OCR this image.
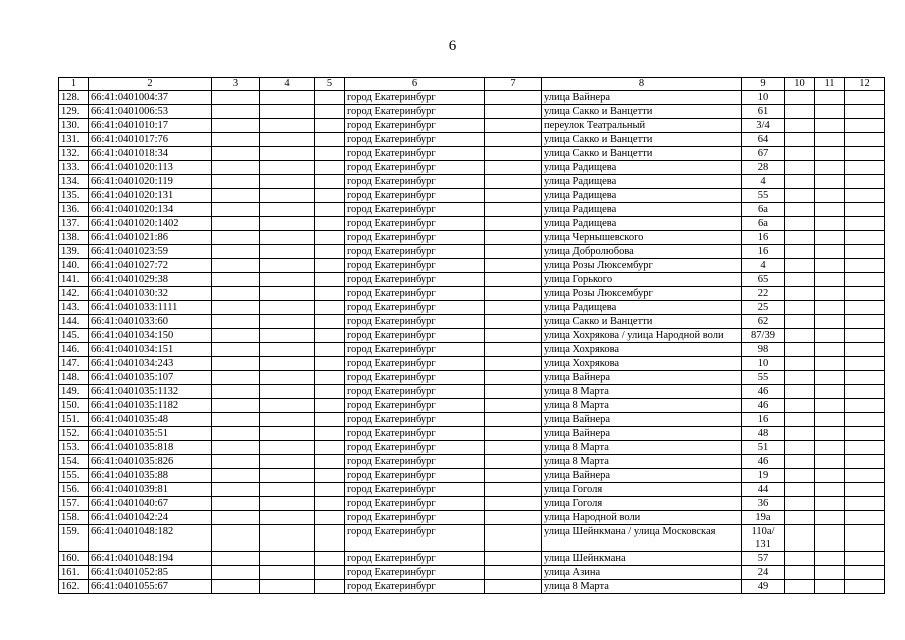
6
1	2	3	4	5	6	7	8	9	10	11	12
128.	66:41:0401004:37				город Екатеринбург		улица Вайнера	10			
129.	66:41:0401006:53				город Екатеринбург		улица Сакко и Ванцетти	61			
130.	66:41:0401010:17				город Екатеринбург		переулок Театральный	3/4			
131.	66:41:0401017:76				город Екатеринбург		улица Сакко и Ванцетти	64			
132.	66:41:0401018:34				город Екатеринбург		улица Сакко и Ванцетти	67			
133.	66:41:0401020:113				город Екатеринбург		улица Радищева	28			
134.	66:41:0401020:119				город Екатеринбург		улица Радищева	4			
135.	66:41:0401020:131				город Екатеринбург		улица Радищева	55			
136.	66:41:0401020:134				город Екатеринбург		улица Радищева	6а			
137.	66:41:0401020:1402				город Екатеринбург		улица Радищева	6а			
138.	66:41:0401021:86				город Екатеринбург		улица Чернышевского	16			
139.	66:41:0401023:59				город Екатеринбург		улица Добролюбова	16			
140.	66:41:0401027:72				город Екатеринбург		улица Розы Люксембург	4			
141.	66:41:0401029:38				город Екатеринбург		улица Горького	65			
142.	66:41:0401030:32				город Екатеринбург		улица Розы Люксембург	22			
143.	66:41:0401033:1111				город Екатеринбург		улица Радищева	25			
144.	66:41:0401033:60				город Екатеринбург		улица Сакко и Ванцетти	62			
145.	66:41:0401034:150				город Екатеринбург		улица Хохрякова / улица Народной воли	87/39			
146.	66:41:0401034:151				город Екатеринбург		улица Хохрякова	98			
147.	66:41:0401034:243				город Екатеринбург		улица Хохрякова	10			
148.	66:41:0401035:107				город Екатеринбург		улица Вайнера	55			
149.	66:41:0401035:1132				город Екатеринбург		улица 8 Марта	46			
150.	66:41:0401035:1182				город Екатеринбург		улица 8 Марта	46			
151.	66:41:0401035:48				город Екатеринбург		улица Вайнера	16			
152.	66:41:0401035:51				город Екатеринбург		улица Вайнера	48			
153.	66:41:0401035:818				город Екатеринбург		улица 8 Марта	51			
154.	66:41:0401035:826				город Екатеринбург		улица 8 Марта	46			
155.	66:41:0401035:88				город Екатеринбург		улица Вайнера	19			
156.	66:41:0401039:81				город Екатеринбург		улица Гоголя	44			
157.	66:41:0401040:67				город Екатеринбург		улица Гоголя	36			
158.	66:41:0401042:24				город Екатеринбург		улица Народной воли	19а			
159.	66:41:0401048:182				город Екатеринбург		улица Шейнкмана / улица Московская	110а/ 131			
160.	66:41:0401048:194				город Екатеринбург		улица Шейнкмана	57			
161.	66:41:0401052:85				город Екатеринбург		улица Азина	24			
162.	66:41:0401055:67				город Екатеринбург		улица 8 Марта	49			
